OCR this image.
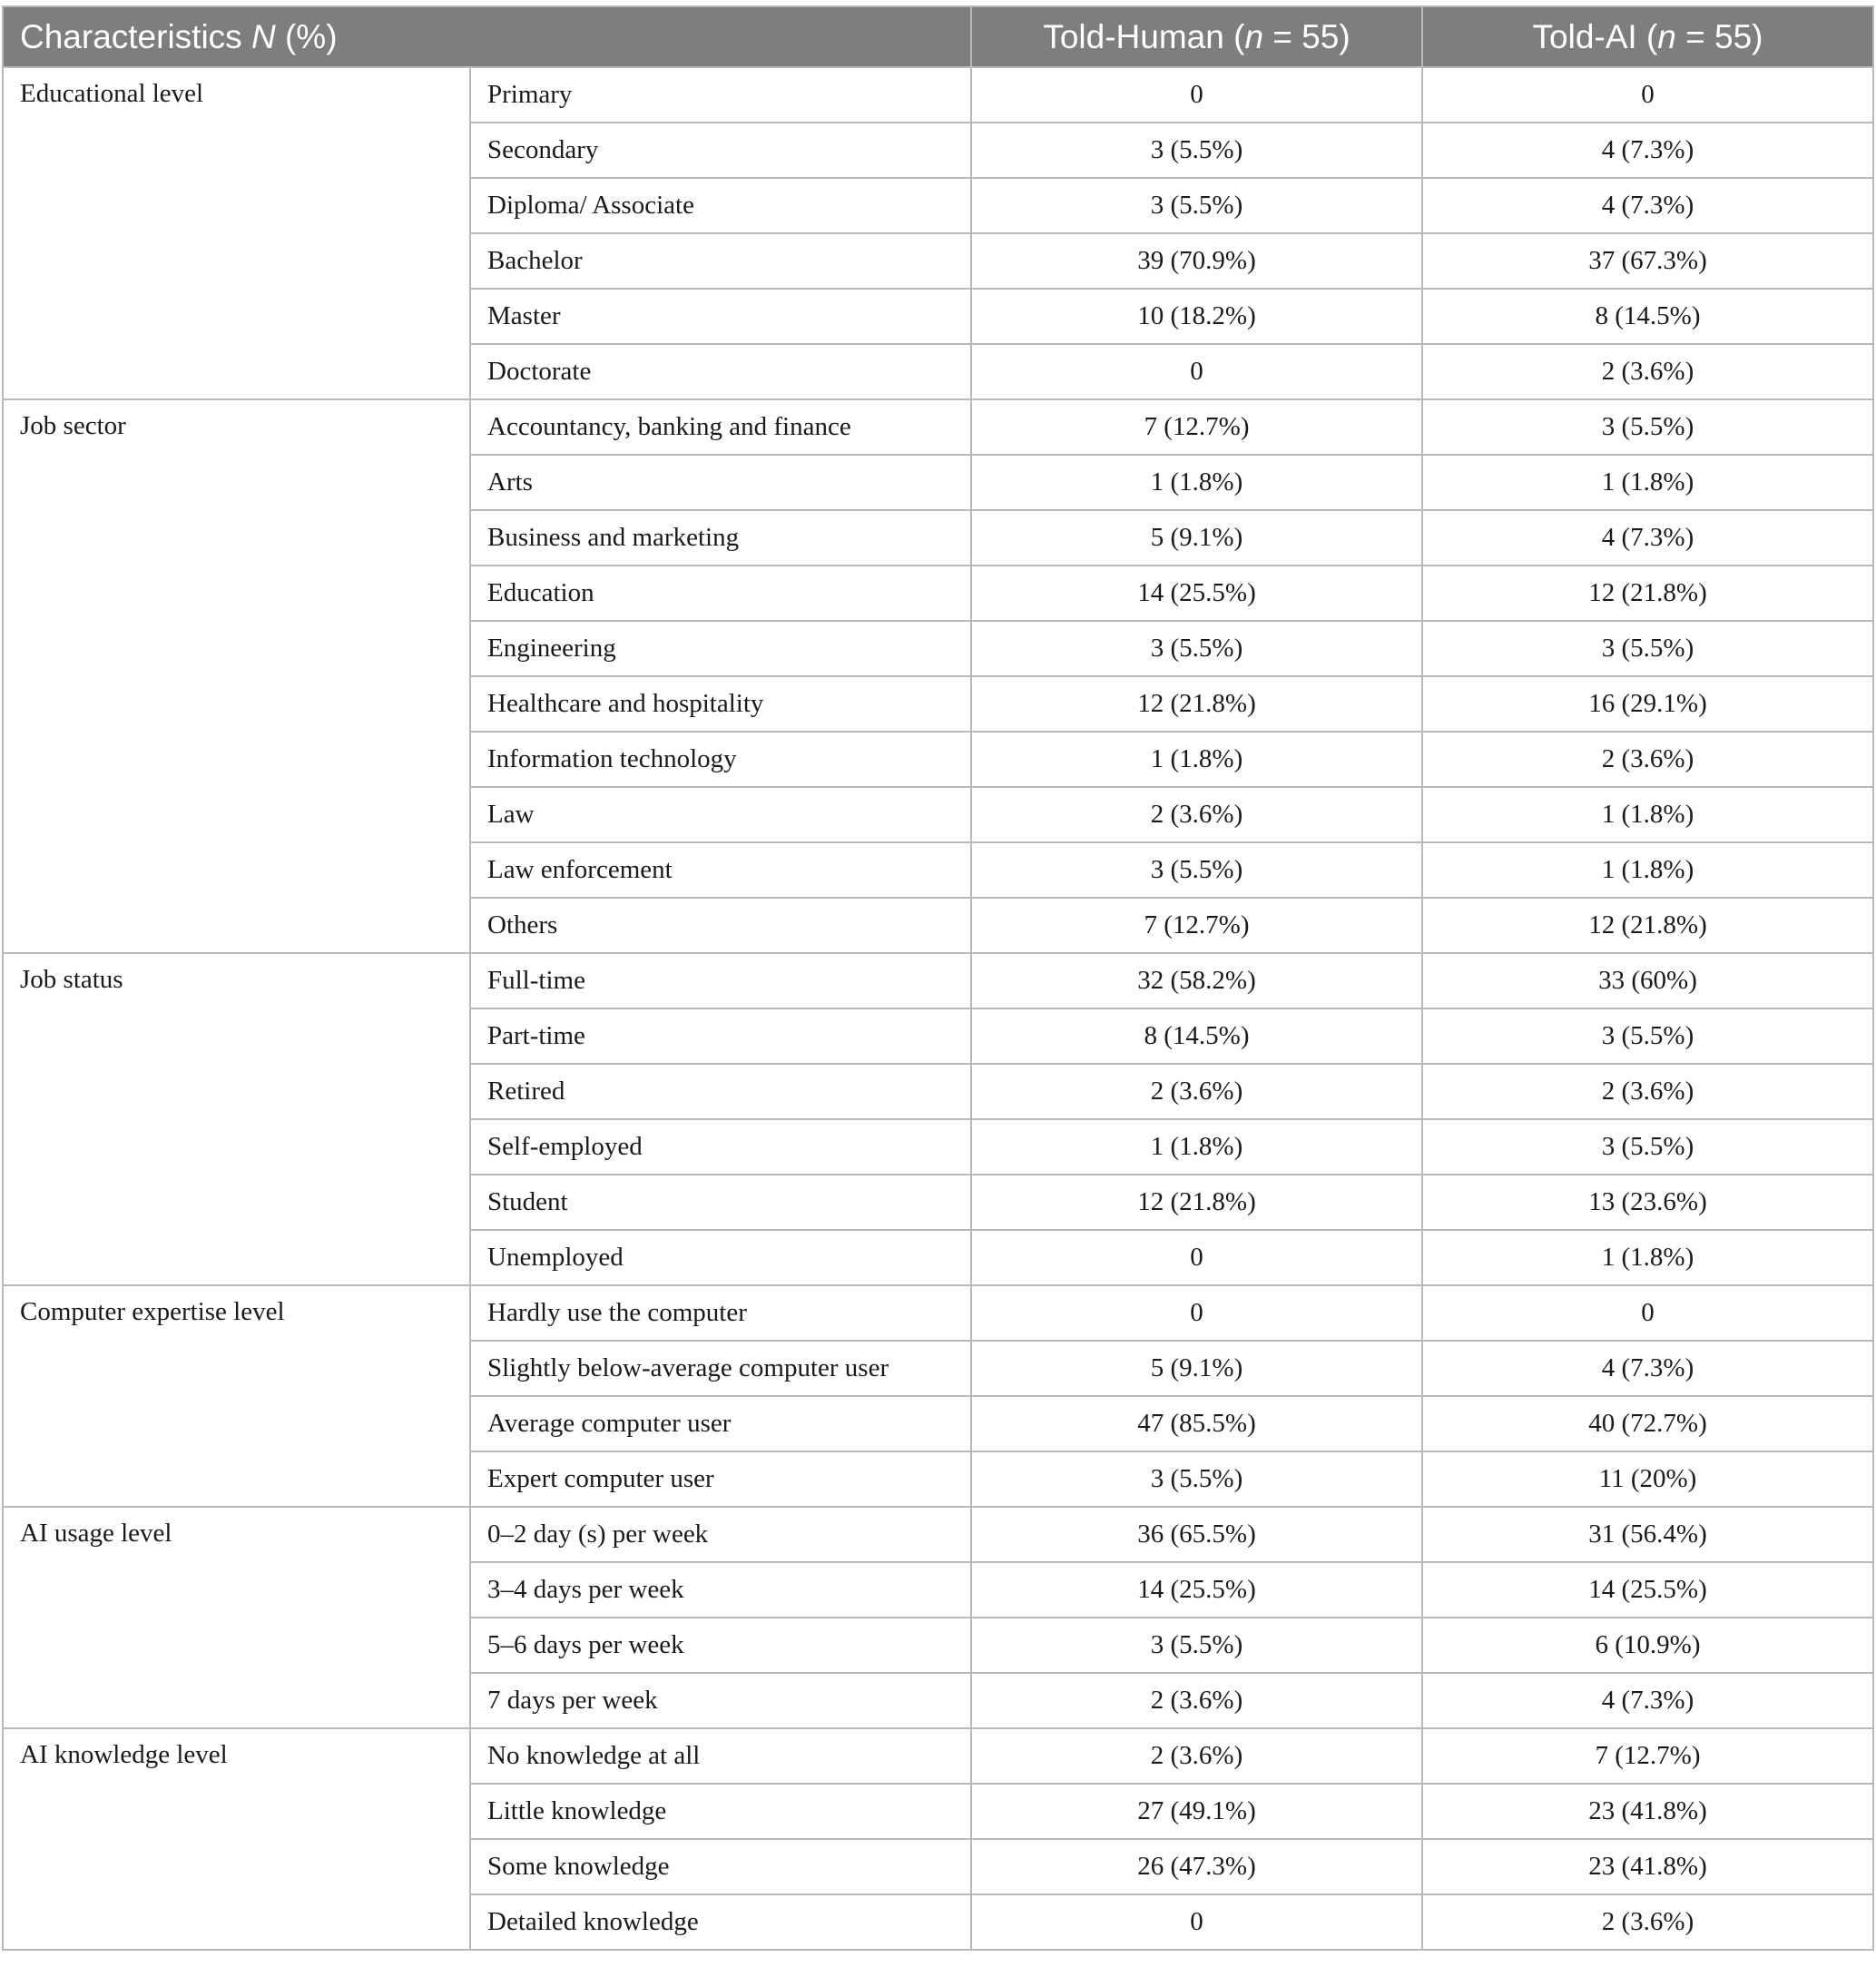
Characteristics N (%)		Told-Human (n = 55)	Told-AI (n = 55)
Educational level	Primary	0	0
	Secondary	3 (5.5%)	4 (7.3%)
	Diploma/ Associate	3 (5.5%)	4 (7.3%)
	Bachelor	39 (70.9%)	37 (67.3%)
	Master	10 (18.2%)	8 (14.5%)
	Doctorate	0	2 (3.6%)
Job sector	Accountancy, banking and finance	7 (12.7%)	3 (5.5%)
	Arts	1 (1.8%)	1 (1.8%)
	Business and marketing	5 (9.1%)	4 (7.3%)
	Education	14 (25.5%)	12 (21.8%)
	Engineering	3 (5.5%)	3 (5.5%)
	Healthcare and hospitality	12 (21.8%)	16 (29.1%)
	Information technology	1 (1.8%)	2 (3.6%)
	Law	2 (3.6%)	1 (1.8%)
	Law enforcement	3 (5.5%)	1 (1.8%)
	Others	7 (12.7%)	12 (21.8%)
Job status	Full-time	32 (58.2%)	33 (60%)
	Part-time	8 (14.5%)	3 (5.5%)
	Retired	2 (3.6%)	2 (3.6%)
	Self-employed	1 (1.8%)	3 (5.5%)
	Student	12 (21.8%)	13 (23.6%)
	Unemployed	0	1 (1.8%)
Computer expertise level	Hardly use the computer	0	0
	Slightly below-average computer user	5 (9.1%)	4 (7.3%)
	Average computer user	47 (85.5%)	40 (72.7%)
	Expert computer user	3 (5.5%)	11 (20%)
AI usage level	0–2 day (s) per week	36 (65.5%)	31 (56.4%)
	3–4 days per week	14 (25.5%)	14 (25.5%)
	5–6 days per week	3 (5.5%)	6 (10.9%)
	7 days per week	2 (3.6%)	4 (7.3%)
AI knowledge level	No knowledge at all	2 (3.6%)	7 (12.7%)
	Little knowledge	27 (49.1%)	23 (41.8%)
	Some knowledge	26 (47.3%)	23 (41.8%)
	Detailed knowledge	0	2 (3.6%)
